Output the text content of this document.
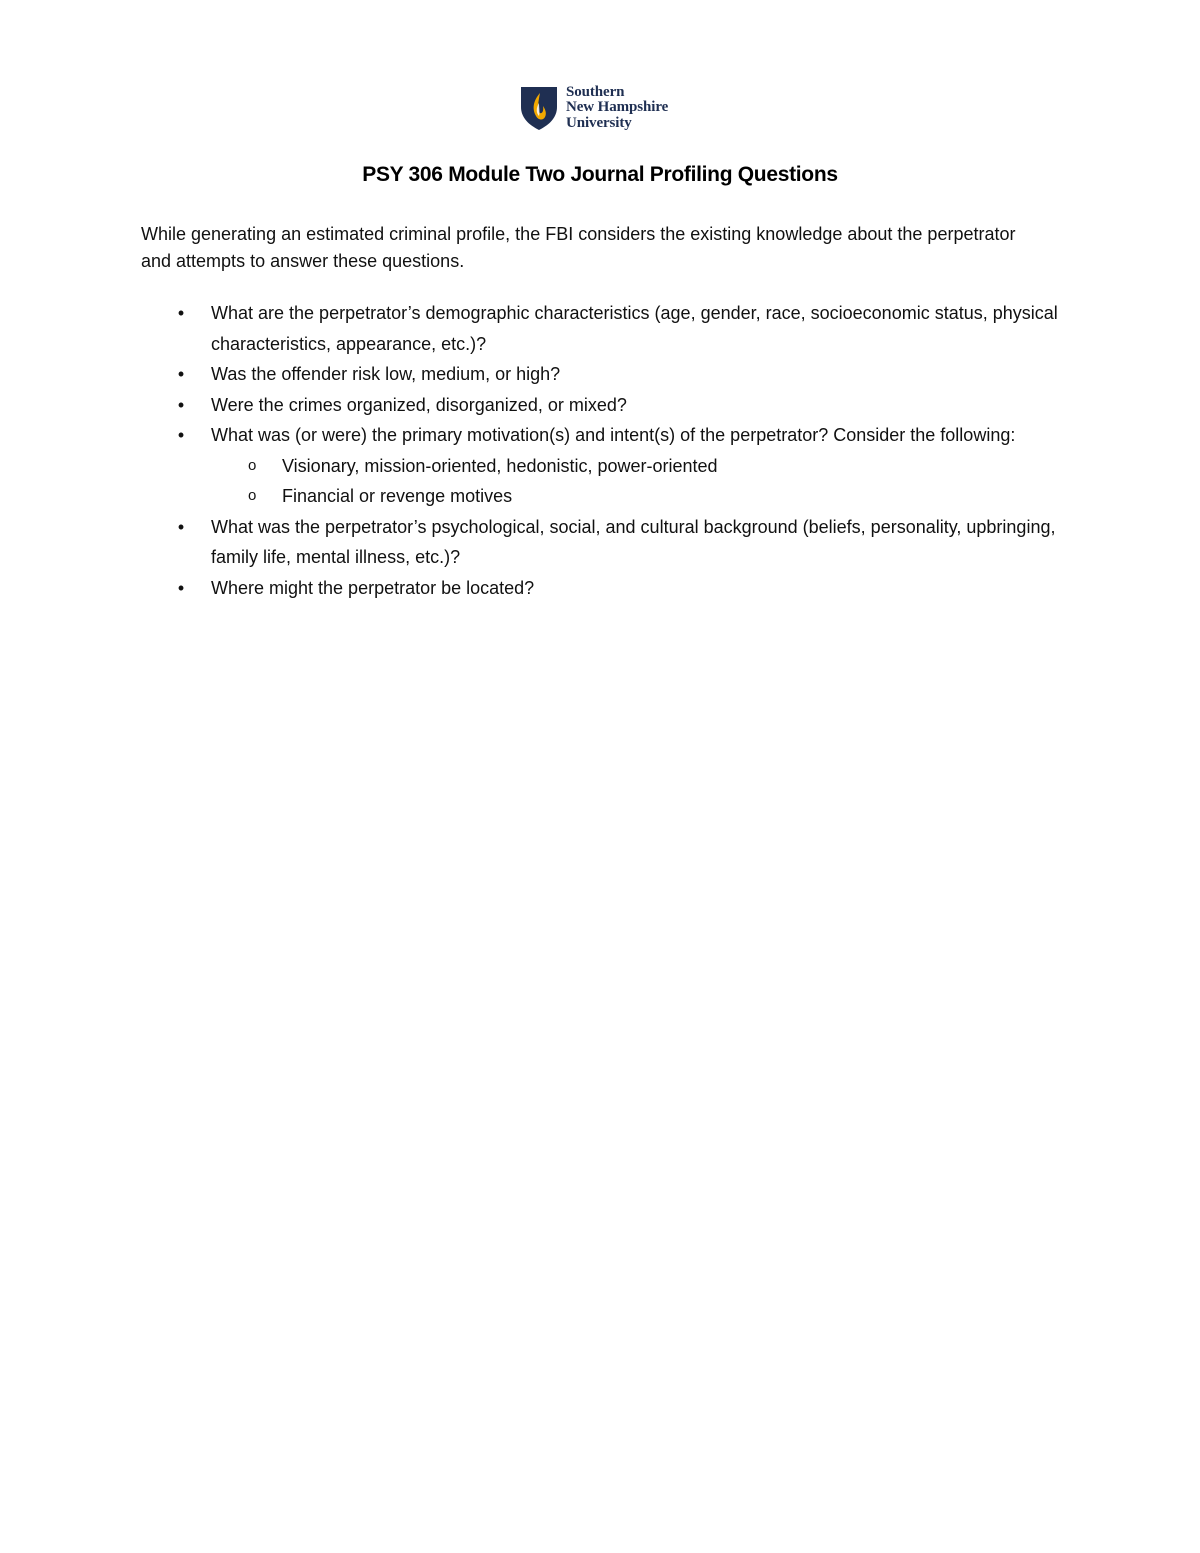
Southern
New Hampshire
University
PSY 306 Module Two Journal Profiling Questions

While generating an estimated criminal profile, the FBI considers the existing knowledge about the perpetrator and attempts to answer these questions.

• What are the perpetrator’s demographic characteristics (age, gender, race, socioeconomic status, physical characteristics, appearance, etc.)?
• Was the offender risk low, medium, or high?
• Were the crimes organized, disorganized, or mixed?
• What was (or were) the primary motivation(s) and intent(s) of the perpetrator? Consider the following:
o Visionary, mission-oriented, hedonistic, power-oriented
o Financial or revenge motives
• What was the perpetrator’s psychological, social, and cultural background (beliefs, personality, upbringing, family life, mental illness, etc.)?
• Where might the perpetrator be located?
